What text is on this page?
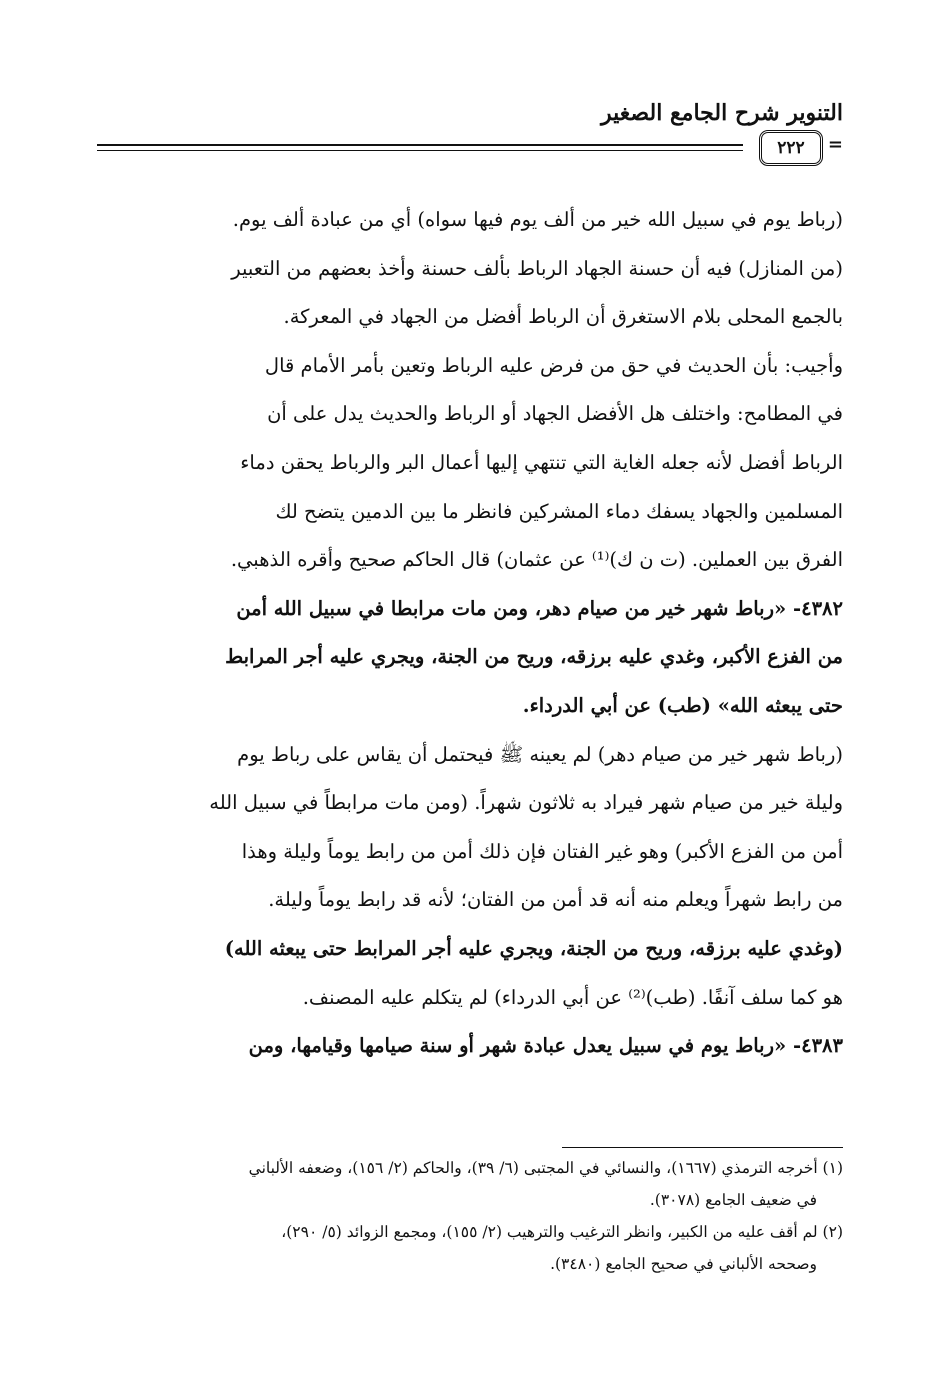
التنوير شرح الجامع الصغير
٢٢٢	=
(رباط يوم في سبيل الله خير من ألف يوم فيها سواه) أي من عبادة ألف يوم.
(من المنازل) فيه أن حسنة الجهاد الرباط بألف حسنة وأخذ بعضهم من التعبير
بالجمع المحلى بلام الاستغرق أن الرباط أفضل من الجهاد في المعركة.
وأجيب: بأن الحديث في حق من فرض عليه الرباط وتعين بأمر الأمام قال
في المطامح: واختلف هل الأفضل الجهاد أو الرباط والحديث يدل على أن
الرباط أفضل لأنه جعله الغاية التي تنتهي إليها أعمال البر والرباط يحقن دماء
المسلمين والجهاد يسفك دماء المشركين فانظر ما بين الدمين يتضح لك
الفرق بين العملين. (ت ن ك)⁽¹⁾ عن عثمان) قال الحاكم صحيح وأقره الذهبي.
٤٣٨٢- «رباط شهر خير من صيام دهر، ومن مات مرابطا في سبيل الله أمن
من الفزع الأكبر، وغدي عليه برزقه، وريح من الجنة، ويجري عليه أجر المرابط
حتى يبعثه الله» (طب) عن أبي الدرداء.
(رباط شهر خير من صيام دهر) لم يعينه ﷺ فيحتمل أن يقاس على رباط يوم
وليلة خير من صيام شهر فيراد به ثلاثون شهراً. (ومن مات مرابطاً في سبيل الله
أمن من الفزع الأكبر) وهو غير الفتان فإن ذلك أمن من رابط يوماً وليلة وهذا
من رابط شهراً ويعلم منه أنه قد أمن من الفتان؛ لأنه قد رابط يوماً وليلة.
(وغدي عليه برزقه، وريح من الجنة، ويجري عليه أجر المرابط حتى يبعثه الله)
هو كما سلف آنفًا. (طب)⁽²⁾ عن أبي الدرداء) لم يتكلم عليه المصنف.
٤٣٨٣- «رباط يوم في سبيل يعدل عبادة شهر أو سنة صيامها وقيامها، ومن
(١) أخرجه الترمذي (١٦٦٧)، والنسائي في المجتبى (٦/ ٣٩)، والحاكم (٢/ ١٥٦)، وضعفه الألباني
في ضعيف الجامع (٣٠٧٨).
(٢) لم أقف عليه من الكبير، وانظر الترغيب والترهيب (٢/ ١٥٥)، ومجمع الزوائد (٥/ ٢٩٠)،
وصححه الألباني في صحيح الجامع (٣٤٨٠).
